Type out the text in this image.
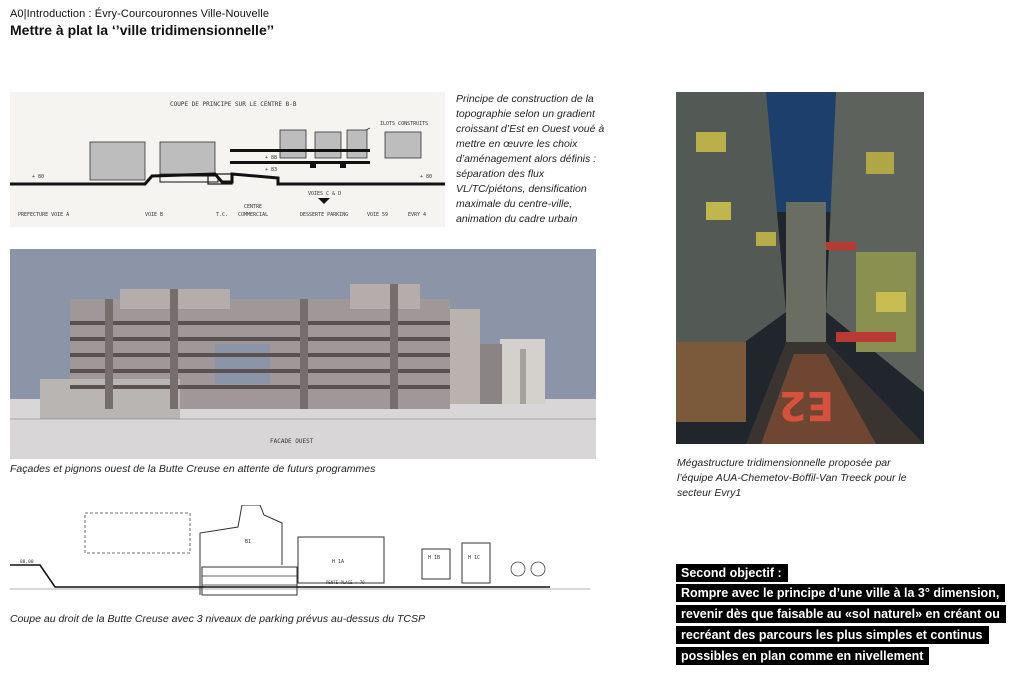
A0|Introduction : Évry-Courcouronnes Ville-Nouvelle
Mettre à plat la ‘’ville tridimensionnelle’’
COUPE DE PRINCIPE SUR LE CENTRE B-B
ILOTS CONSTRUITS
+ 88
+ 83
+ 80	+ 80
VOIES C & D
PREFECTURE VOIE A	VOIE B	T.C.
CENTRE
COMMERCIAL	DESSERTE PARKING	VOIE 59	EVRY 4
Principe de construction de la topographie selon un gradient croissant d’Est en Ouest voué à mettre en œuvre les choix d’aménagement alors définis : séparation des flux VL/TC/piétons, densification maximale du centre-ville, animation du cadre urbain
FACADE OUEST
Façades et pignons ouest de la Butte Creuse en attente de futurs programmes
88,00
B1
H 1A
H 1B	H 1C
PENTE PLACE + 79
Coupe au droit de la Butte Creuse avec 3 niveaux de parking prévus au-dessus du TCSP
E2
Mégastructure tridimensionnelle proposée par l’équipe AUA-Chemetov-Boffil-Van Treeck pour le secteur Evry1
Second objectif :
Rompre avec le principe d’une ville à la 3° dimension,
revenir dès que faisable au «sol naturel» en créant ou
recréant des parcours les plus simples et continus
possibles en plan comme en nivellement
